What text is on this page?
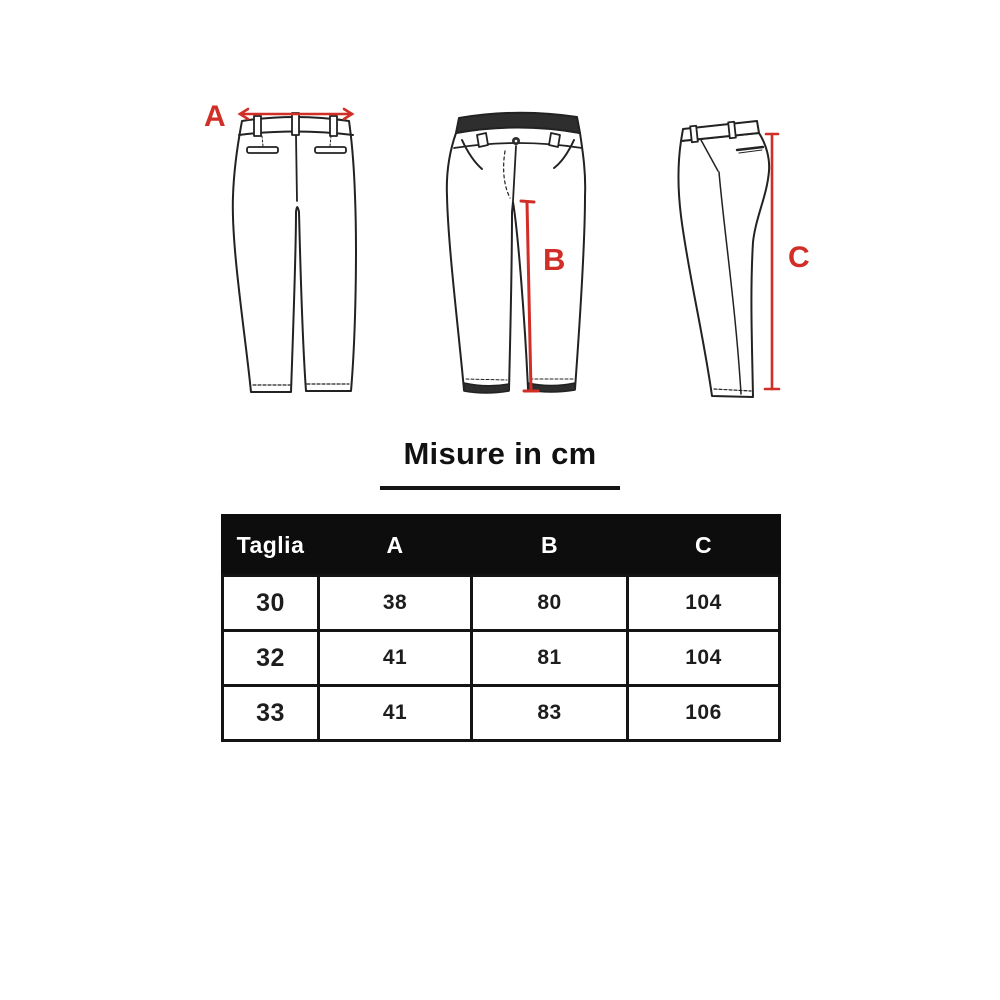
A
B	C
Misure in cm
Taglia	A	B	C
30	38	80	104
32	41	81	104
33	41	83	106
